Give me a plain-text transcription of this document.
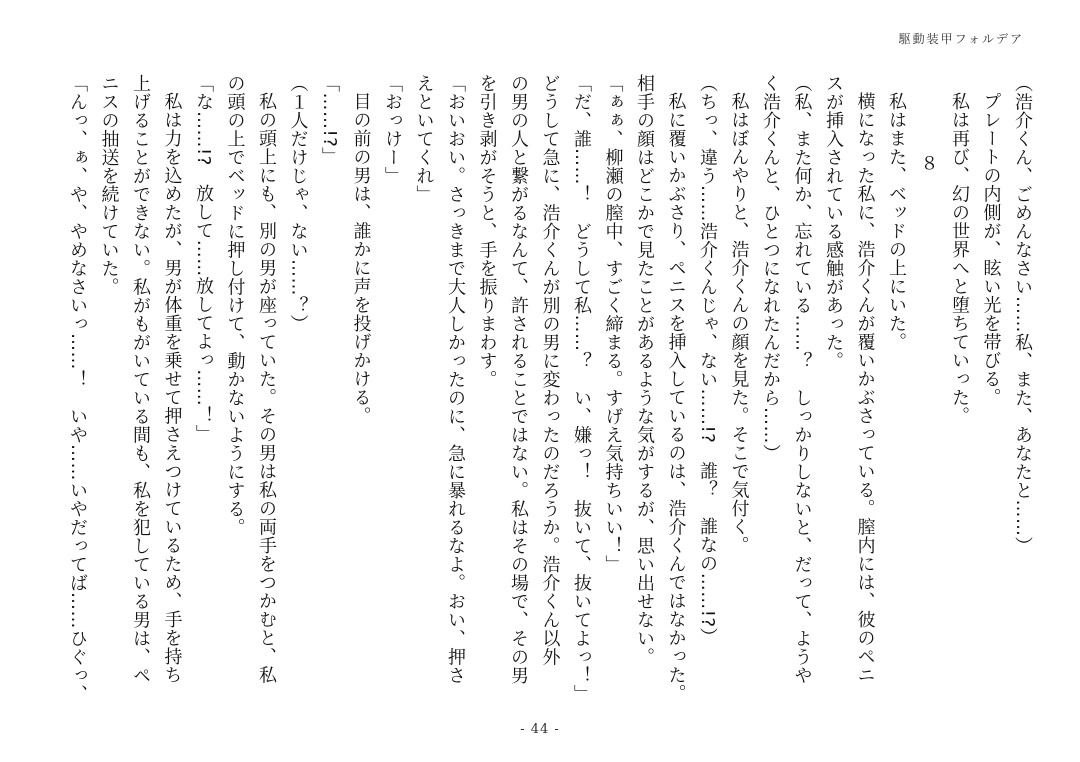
駆動装甲フォルデア

（浩介くん、ごめんなさい……私、また、あなたと……）

プレートの内側が、眩い光を帯びる。

私は再び、幻の世界へと堕ちていった。

８

私はまた、ベッドの上にいた。

横になった私に、浩介くんが覆いかぶさっている。膣内には、彼のペニ

スが挿入されている感触があった。

（私、また何か、忘れている……？　しっかりしないと、だって、ようや

く浩介くんと、ひとつになれたんだから……）

私はぼんやりと、浩介くんの顔を見た。そこで気付く。

（ちっ、違う……浩介くんじゃ、ない……!?　誰？　誰なの……!?）

私に覆いかぶさり、ペニスを挿入しているのは、浩介くんではなかった。

相手の顔はどこかで見たことがあるような気がするが、思い出せない。

「ぁぁ、柳瀬の膣中、すごく締まる。すげえ気持ちいい！」

「だ、誰……！　どうして私……？　い、嫌っ！　抜いて、抜いてよっ！」

どうして急に、浩介くんが別の男に変わったのだろうか。浩介くん以外

の男の人と繋がるなんて、許されることではない。私はその場で、その男

を引き剥がそうと、手を振りまわす。

「おいおい。さっきまで大人しかったのに、急に暴れるなよ。おい、押さ

えといてくれ」

「おっけー」

目の前の男は、誰かに声を投げかける。

「……!?」

（１人だけじゃ、ない……？）

私の頭上にも、別の男が座っていた。その男は私の両手をつかむと、私

の頭の上でベッドに押し付けて、動かないようにする。

「な……!?　放して……放してよっ……！」

私は力を込めたが、男が体重を乗せて押さえつけているため、手を持ち

上げることができない。私がもがいている間も、私を犯している男は、ペ

ニスの抽送を続けていた。

「んっ、ぁ、や、やめなさいっ……！　いや……いやだってば……ひぐっ、

- 44 -
